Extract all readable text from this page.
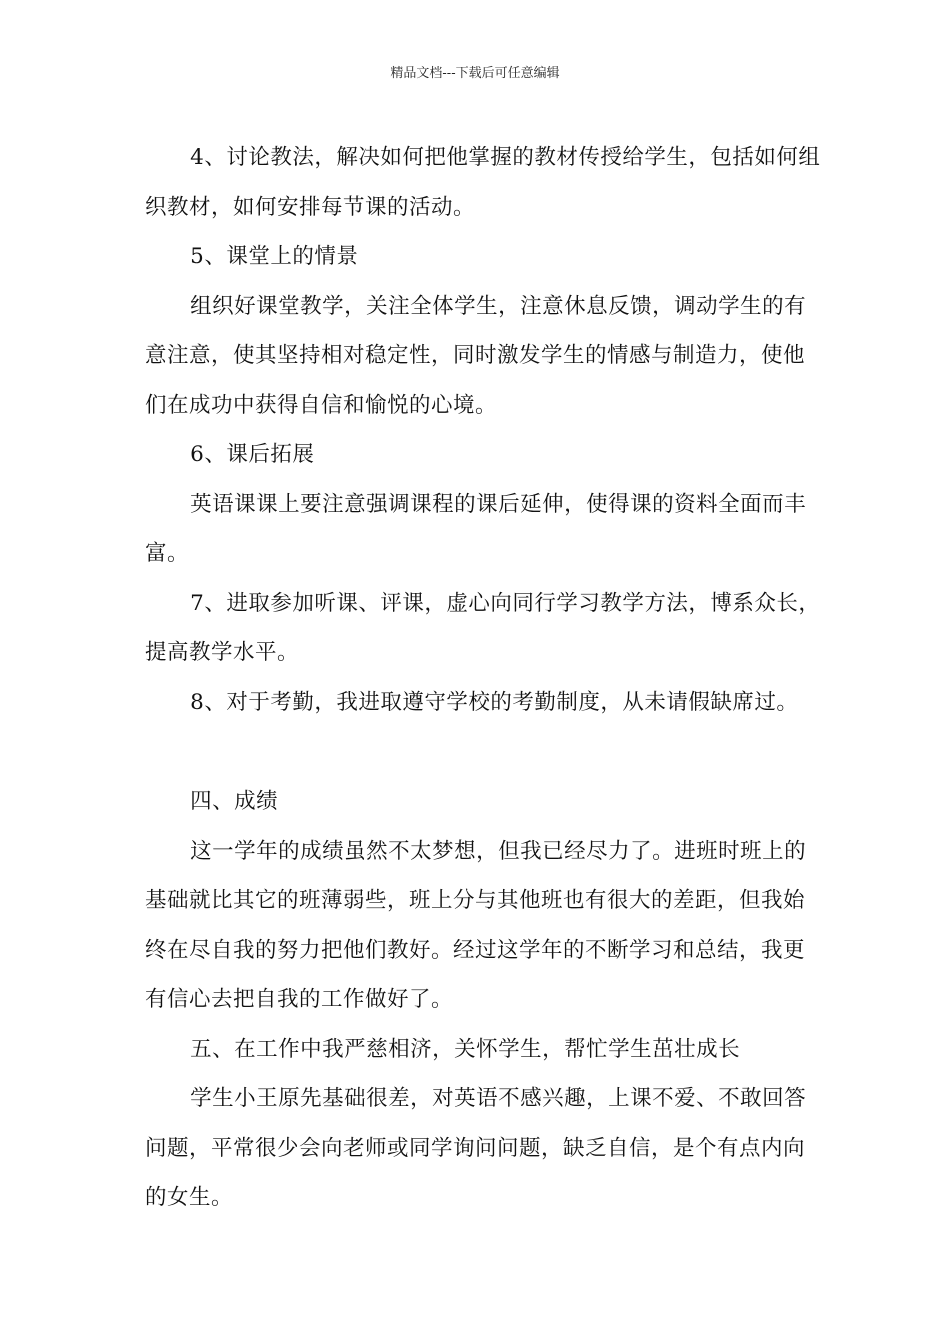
精品文档---下载后可任意编辑

4、讨论教法，解决如何把他掌握的教材传授给学生，包括如何组织教材，如何安排每节课的活动。

5、课堂上的情景

组织好课堂教学，关注全体学生，注意休息反馈，调动学生的有意注意，使其坚持相对稳定性，同时激发学生的情感与制造力，使他们在成功中获得自信和愉悦的心境。

6、课后拓展

英语课课上要注意强调课程的课后延伸，使得课的资料全面而丰富。

7、进取参加听课、评课，虚心向同行学习教学方法，博系众长，提高教学水平。

8、对于考勤，我进取遵守学校的考勤制度，从未请假缺席过。

四、成绩

这一学年的成绩虽然不太梦想，但我已经尽力了。进班时班上的基础就比其它的班薄弱些，班上分与其他班也有很大的差距，但我始终在尽自我的努力把他们教好。经过这学年的不断学习和总结，我更有信心去把自我的工作做好了。

五、在工作中我严慈相济，关怀学生，帮忙学生茁壮成长

学生小王原先基础很差，对英语不感兴趣，上课不爱、不敢回答问题，平常很少会向老师或同学询问问题，缺乏自信，是个有点内向的女生。
